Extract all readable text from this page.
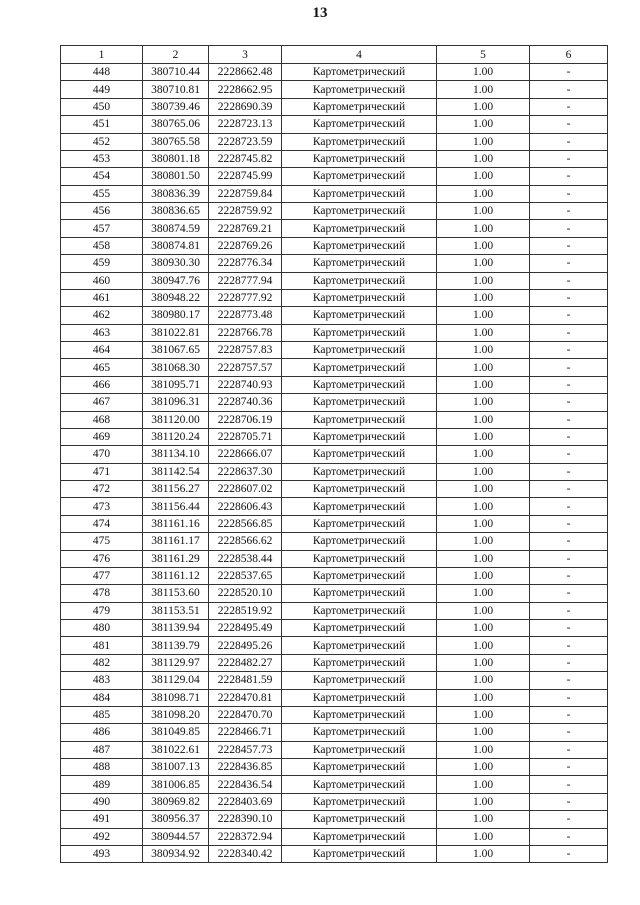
13
1	2	3	4	5	6
448	380710.44	2228662.48	Картометрический	1.00	-
449	380710.81	2228662.95	Картометрический	1.00	-
450	380739.46	2228690.39	Картометрический	1.00	-
451	380765.06	2228723.13	Картометрический	1.00	-
452	380765.58	2228723.59	Картометрический	1.00	-
453	380801.18	2228745.82	Картометрический	1.00	-
454	380801.50	2228745.99	Картометрический	1.00	-
455	380836.39	2228759.84	Картометрический	1.00	-
456	380836.65	2228759.92	Картометрический	1.00	-
457	380874.59	2228769.21	Картометрический	1.00	-
458	380874.81	2228769.26	Картометрический	1.00	-
459	380930.30	2228776.34	Картометрический	1.00	-
460	380947.76	2228777.94	Картометрический	1.00	-
461	380948.22	2228777.92	Картометрический	1.00	-
462	380980.17	2228773.48	Картометрический	1.00	-
463	381022.81	2228766.78	Картометрический	1.00	-
464	381067.65	2228757.83	Картометрический	1.00	-
465	381068.30	2228757.57	Картометрический	1.00	-
466	381095.71	2228740.93	Картометрический	1.00	-
467	381096.31	2228740.36	Картометрический	1.00	-
468	381120.00	2228706.19	Картометрический	1.00	-
469	381120.24	2228705.71	Картометрический	1.00	-
470	381134.10	2228666.07	Картометрический	1.00	-
471	381142.54	2228637.30	Картометрический	1.00	-
472	381156.27	2228607.02	Картометрический	1.00	-
473	381156.44	2228606.43	Картометрический	1.00	-
474	381161.16	2228566.85	Картометрический	1.00	-
475	381161.17	2228566.62	Картометрический	1.00	-
476	381161.29	2228538.44	Картометрический	1.00	-
477	381161.12	2228537.65	Картометрический	1.00	-
478	381153.60	2228520.10	Картометрический	1.00	-
479	381153.51	2228519.92	Картометрический	1.00	-
480	381139.94	2228495.49	Картометрический	1.00	-
481	381139.79	2228495.26	Картометрический	1.00	-
482	381129.97	2228482.27	Картометрический	1.00	-
483	381129.04	2228481.59	Картометрический	1.00	-
484	381098.71	2228470.81	Картометрический	1.00	-
485	381098.20	2228470.70	Картометрический	1.00	-
486	381049.85	2228466.71	Картометрический	1.00	-
487	381022.61	2228457.73	Картометрический	1.00	-
488	381007.13	2228436.85	Картометрический	1.00	-
489	381006.85	2228436.54	Картометрический	1.00	-
490	380969.82	2228403.69	Картометрический	1.00	-
491	380956.37	2228390.10	Картометрический	1.00	-
492	380944.57	2228372.94	Картометрический	1.00	-
493	380934.92	2228340.42	Картометрический	1.00	-
